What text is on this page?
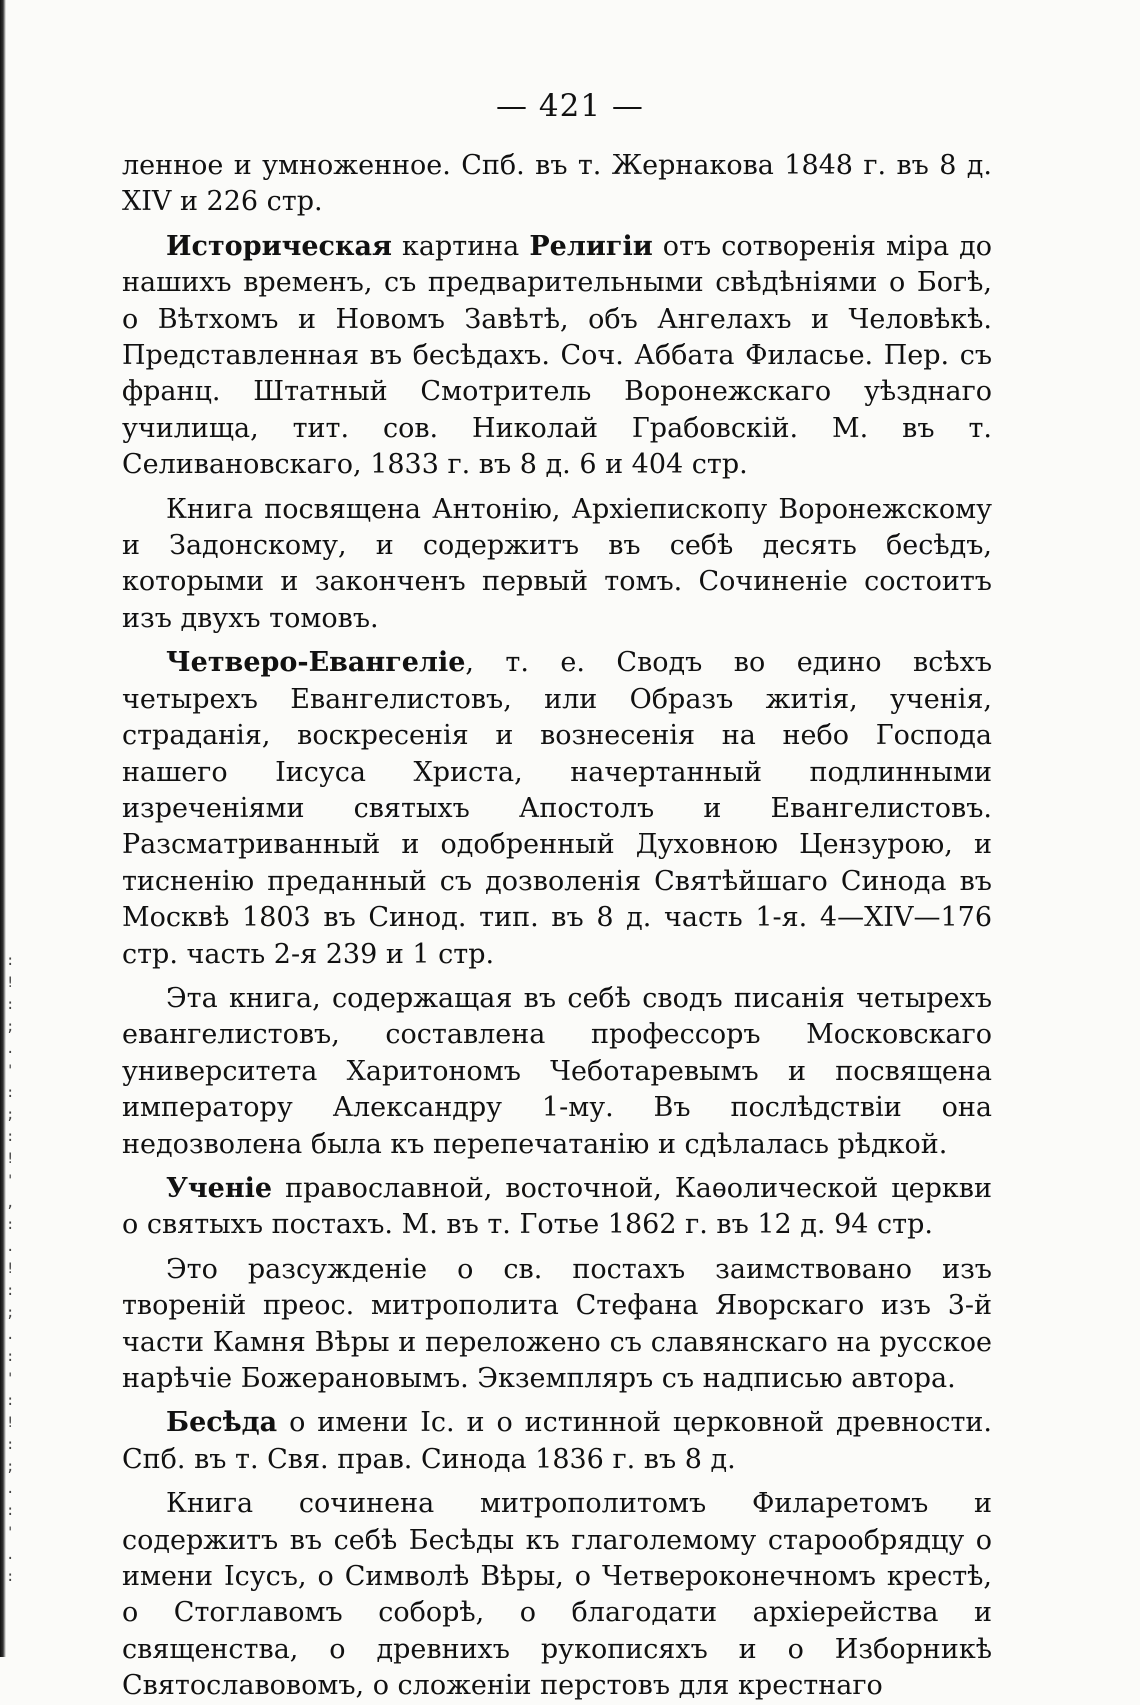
:
!
:
;
.
'
:
;
:
!
'
,
:
.
!
:
;
.
:
'
:
!
:
;
.
:
'
.
:

— 421 —

ленное и умноженное. Спб. въ т. Жернакова 1848 г. въ 8 д. XIV и 226 стр.

Историческая картина Религіи отъ сотворенія міра до нашихъ временъ, съ предварительными свѣдѣніями о Богѣ, о Вѣтхомъ и Новомъ Завѣтѣ, объ Ангелахъ и Человѣкѣ. Представленная въ бесѣдахъ. Соч. Аббата Филасье. Пер. съ франц. Штатный Смотритель Воронежскаго уѣзднаго училища, тит. сов. Николай Грабовскій. М. въ т. Селивановскаго, 1833 г. въ 8 д. 6 и 404 стр.

Книга посвящена Антонію, Архіепископу Воронежскому и Задонскому, и содержитъ въ себѣ десять бесѣдъ, которыми и законченъ первый томъ. Сочиненіе состоитъ изъ двухъ томовъ.

Четверо-Евангеліе, т. е. Сводъ во едино всѣхъ четырехъ Евангелистовъ, или Образъ житія, ученія, страданія, воскресенія и вознесенія на небо Господа нашего Іисуса Христа, начертанный подлинными изреченіями святыхъ Апостолъ и Евангелистовъ. Разсматриванный и одобренный Духовною Цензурою, и тисненію преданный съ дозволенія Святѣйшаго Синода въ Москвѣ 1803 въ Синод. тип. въ 8 д. часть 1-я. 4—XIV—176 стр. часть 2-я 239 и 1 стр.

Эта книга, содержащая въ себѣ сводъ писанія четырехъ евангелистовъ, составлена профессоръ Московскаго университета Харитономъ Чеботаревымъ и посвящена императору Александру 1-му. Въ послѣдствіи она недозволена была къ перепечатанію и сдѣлалась рѣдкой.

Ученіе православной, восточной, Каѳолической церкви о святыхъ постахъ. М. въ т. Готье 1862 г. въ 12 д. 94 стр.

Это разсужденіе о св. постахъ заимствовано изъ твореній преос. митрополита Стефана Яворскаго изъ 3-й части Камня Вѣры и переложено съ славянскаго на русское нарѣчіе Божерановымъ. Экземпляръ съ надписью автора.

Бесѣда о имени Іс. и о истинной церковной древности. Спб. въ т. Свя. прав. Синода 1836 г. въ 8 д.

Книга сочинена митрополитомъ Филаретомъ и содержитъ въ себѣ Бесѣды къ глаголемому старообрядцу о имени Ісусъ, о Символѣ Вѣры, о Четвероконечномъ крестѣ, о Стоглавомъ соборѣ, о благодати архіерейства и священства, о древнихъ рукописяхъ и о Изборникѣ Святославовомъ, о сложеніи перстовъ для крестнаго
